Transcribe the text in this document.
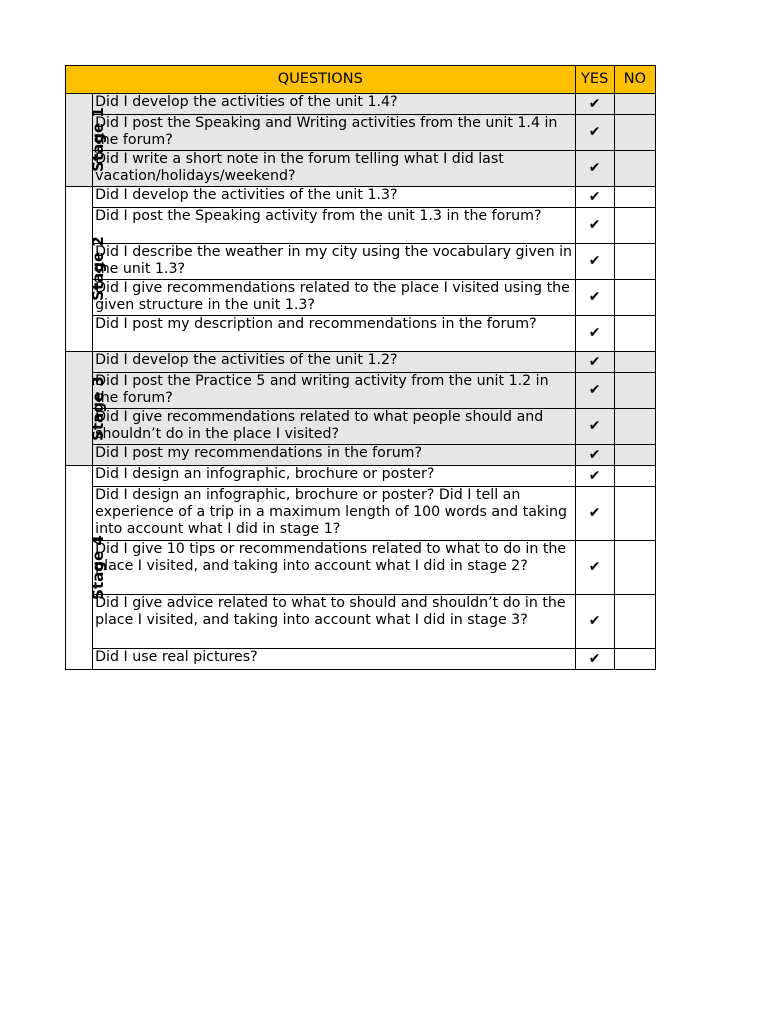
QUESTIONS		YES	NO
Stage 1	Did I develop the activities of the unit 1.4?	✔	
	Did I post the Speaking and Writing activities from the unit 1.4 in the forum?	✔	
	Did I write a short note in the forum telling what I did last vacation/holidays/weekend?	✔	
Stage 2	Did I develop the activities of the unit 1.3?	✔	
	Did I post the Speaking activity from the unit 1.3 in the forum?	✔	
	Did I describe the weather in my city using the vocabulary given in the unit 1.3?	✔	
	Did I give recommendations related to the place I visited using the given structure in the unit 1.3?	✔	
	Did I post my description and recommendations in the forum?	✔	
Stage 3	Did I develop the activities of the unit 1.2?	✔	
	Did I post the Practice 5 and writing activity from the unit 1.2 in the forum?	✔	
	Did I give recommendations related to what people should and shouldn’t do in the place I visited?	✔	
	Did I post my recommendations in the forum?	✔	
Stage 4	Did I design an infographic, brochure or poster?	✔	
	Did I design an infographic, brochure or poster? Did I tell an experience of a trip in a maximum length of 100 words and taking into account what I did in stage 1?	✔	
	Did I give 10 tips or recommendations related to what to do in the place I visited, and taking into account what I did in stage 2?	✔	
	Did I give advice related to what to should and shouldn’t do in the place I visited, and taking into account what I did in stage 3?	✔	
	Did I use real pictures?	✔	
